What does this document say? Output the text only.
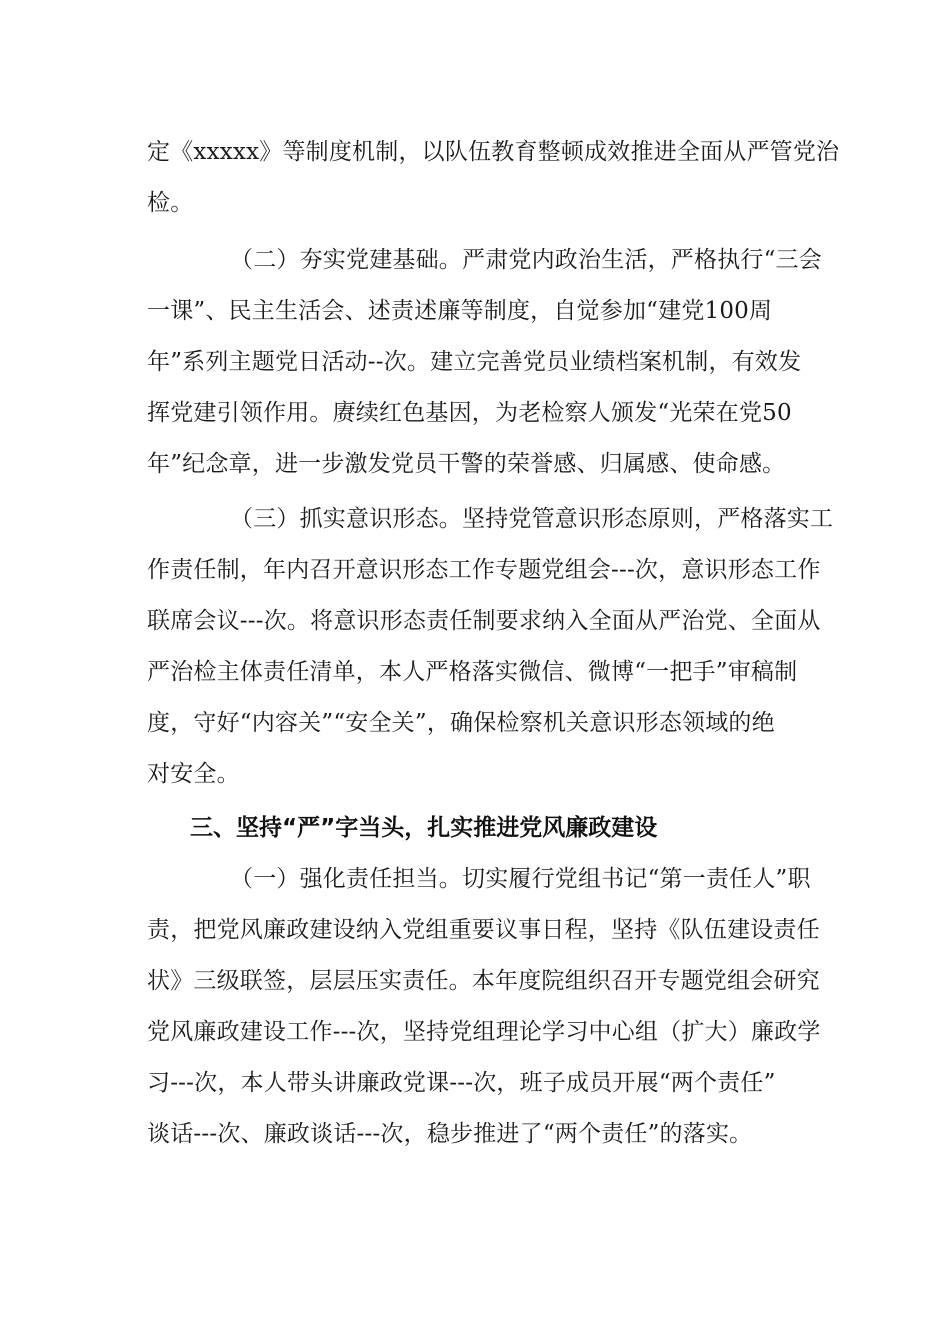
定《xxxxx》等制度机制，以队伍教育整顿成效推进全面从严管党治
检。
（二）夯实党建基础。严肃党内政治生活，严格执行“三会
一课”、民主生活会、述责述廉等制度，自觉参加“建党100周
年”系列主题党日活动--次。建立完善党员业绩档案机制，有效发
挥党建引领作用。赓续红色基因，为老检察人颁发“光荣在党50
年”纪念章，进一步激发党员干警的荣誉感、归属感、使命感。
（三）抓实意识形态。坚持党管意识形态原则，严格落实工
作责任制，年内召开意识形态工作专题党组会---次，意识形态工作
联席会议---次。将意识形态责任制要求纳入全面从严治党、全面从
严治检主体责任清单，本人严格落实微信、微博“一把手”审稿制
度，守好“内容关”“安全关”，确保检察机关意识形态领域的绝
对安全。
三、坚持“严”字当头，扎实推进党风廉政建设
（一）强化责任担当。切实履行党组书记“第一责任人”职
责，把党风廉政建设纳入党组重要议事日程，坚持《队伍建设责任
状》三级联签，层层压实责任。本年度院组织召开专题党组会研究
党风廉政建设工作---次，坚持党组理论学习中心组（扩大）廉政学
习---次，本人带头讲廉政党课---次，班子成员开展“两个责任”
谈话---次、廉政谈话---次，稳步推进了“两个责任”的落实。
